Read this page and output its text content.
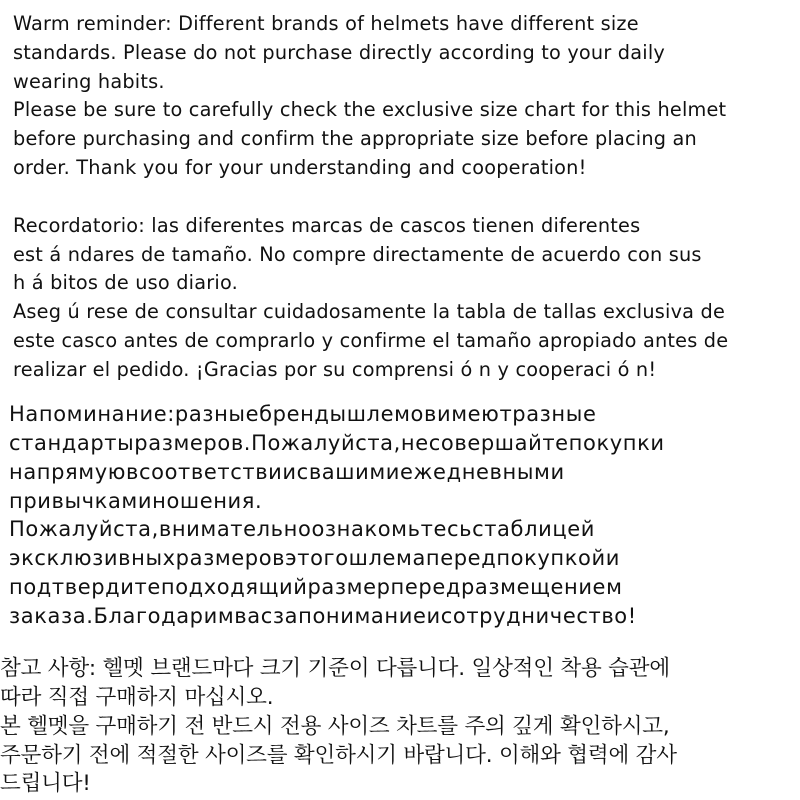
Warm reminder: Different brands of helmets have different size
standards. Please do not purchase directly according to your daily
wearing habits.
Please be sure to carefully check the exclusive size chart for this helmet
before purchasing and confirm the appropriate size before placing an
order. Thank you for your understanding and cooperation!
Recordatorio: las diferentes marcas de cascos tienen diferentes
est á ndares de tamaño. No compre directamente de acuerdo con sus
h á bitos de uso diario.
Aseg ú rese de consultar cuidadosamente la tabla de tallas exclusiva de
este casco antes de comprarlo y confirme el tamaño apropiado antes de
realizar el pedido. ¡Gracias por su comprensi ó n y cooperaci ó n!
Напоминание:разныебрендышлемовимеютразные
стандартыразмеров.Пожалуйста,несовершайтепокупки
напрямуювсоответствиисвашимиежедневными
привычкаминошения.
Пожалуйста,внимательноознакомьтесьстаблицей
эксклюзивныхразмеровэтогошлемапередпокупкойи
подтвердитеподходящийразмерпередразмещением
заказа.Благодаримвасзапониманиеисотрудничество!
참고 사항: 헬멧 브랜드마다 크기 기준이 다릅니다. 일상적인 착용 습관에
따라 직접 구매하지 마십시오.
본 헬멧을 구매하기 전 반드시 전용 사이즈 차트를 주의 깊게 확인하시고,
주문하기 전에 적절한 사이즈를 확인하시기 바랍니다. 이해와 협력에 감사
드립니다!
